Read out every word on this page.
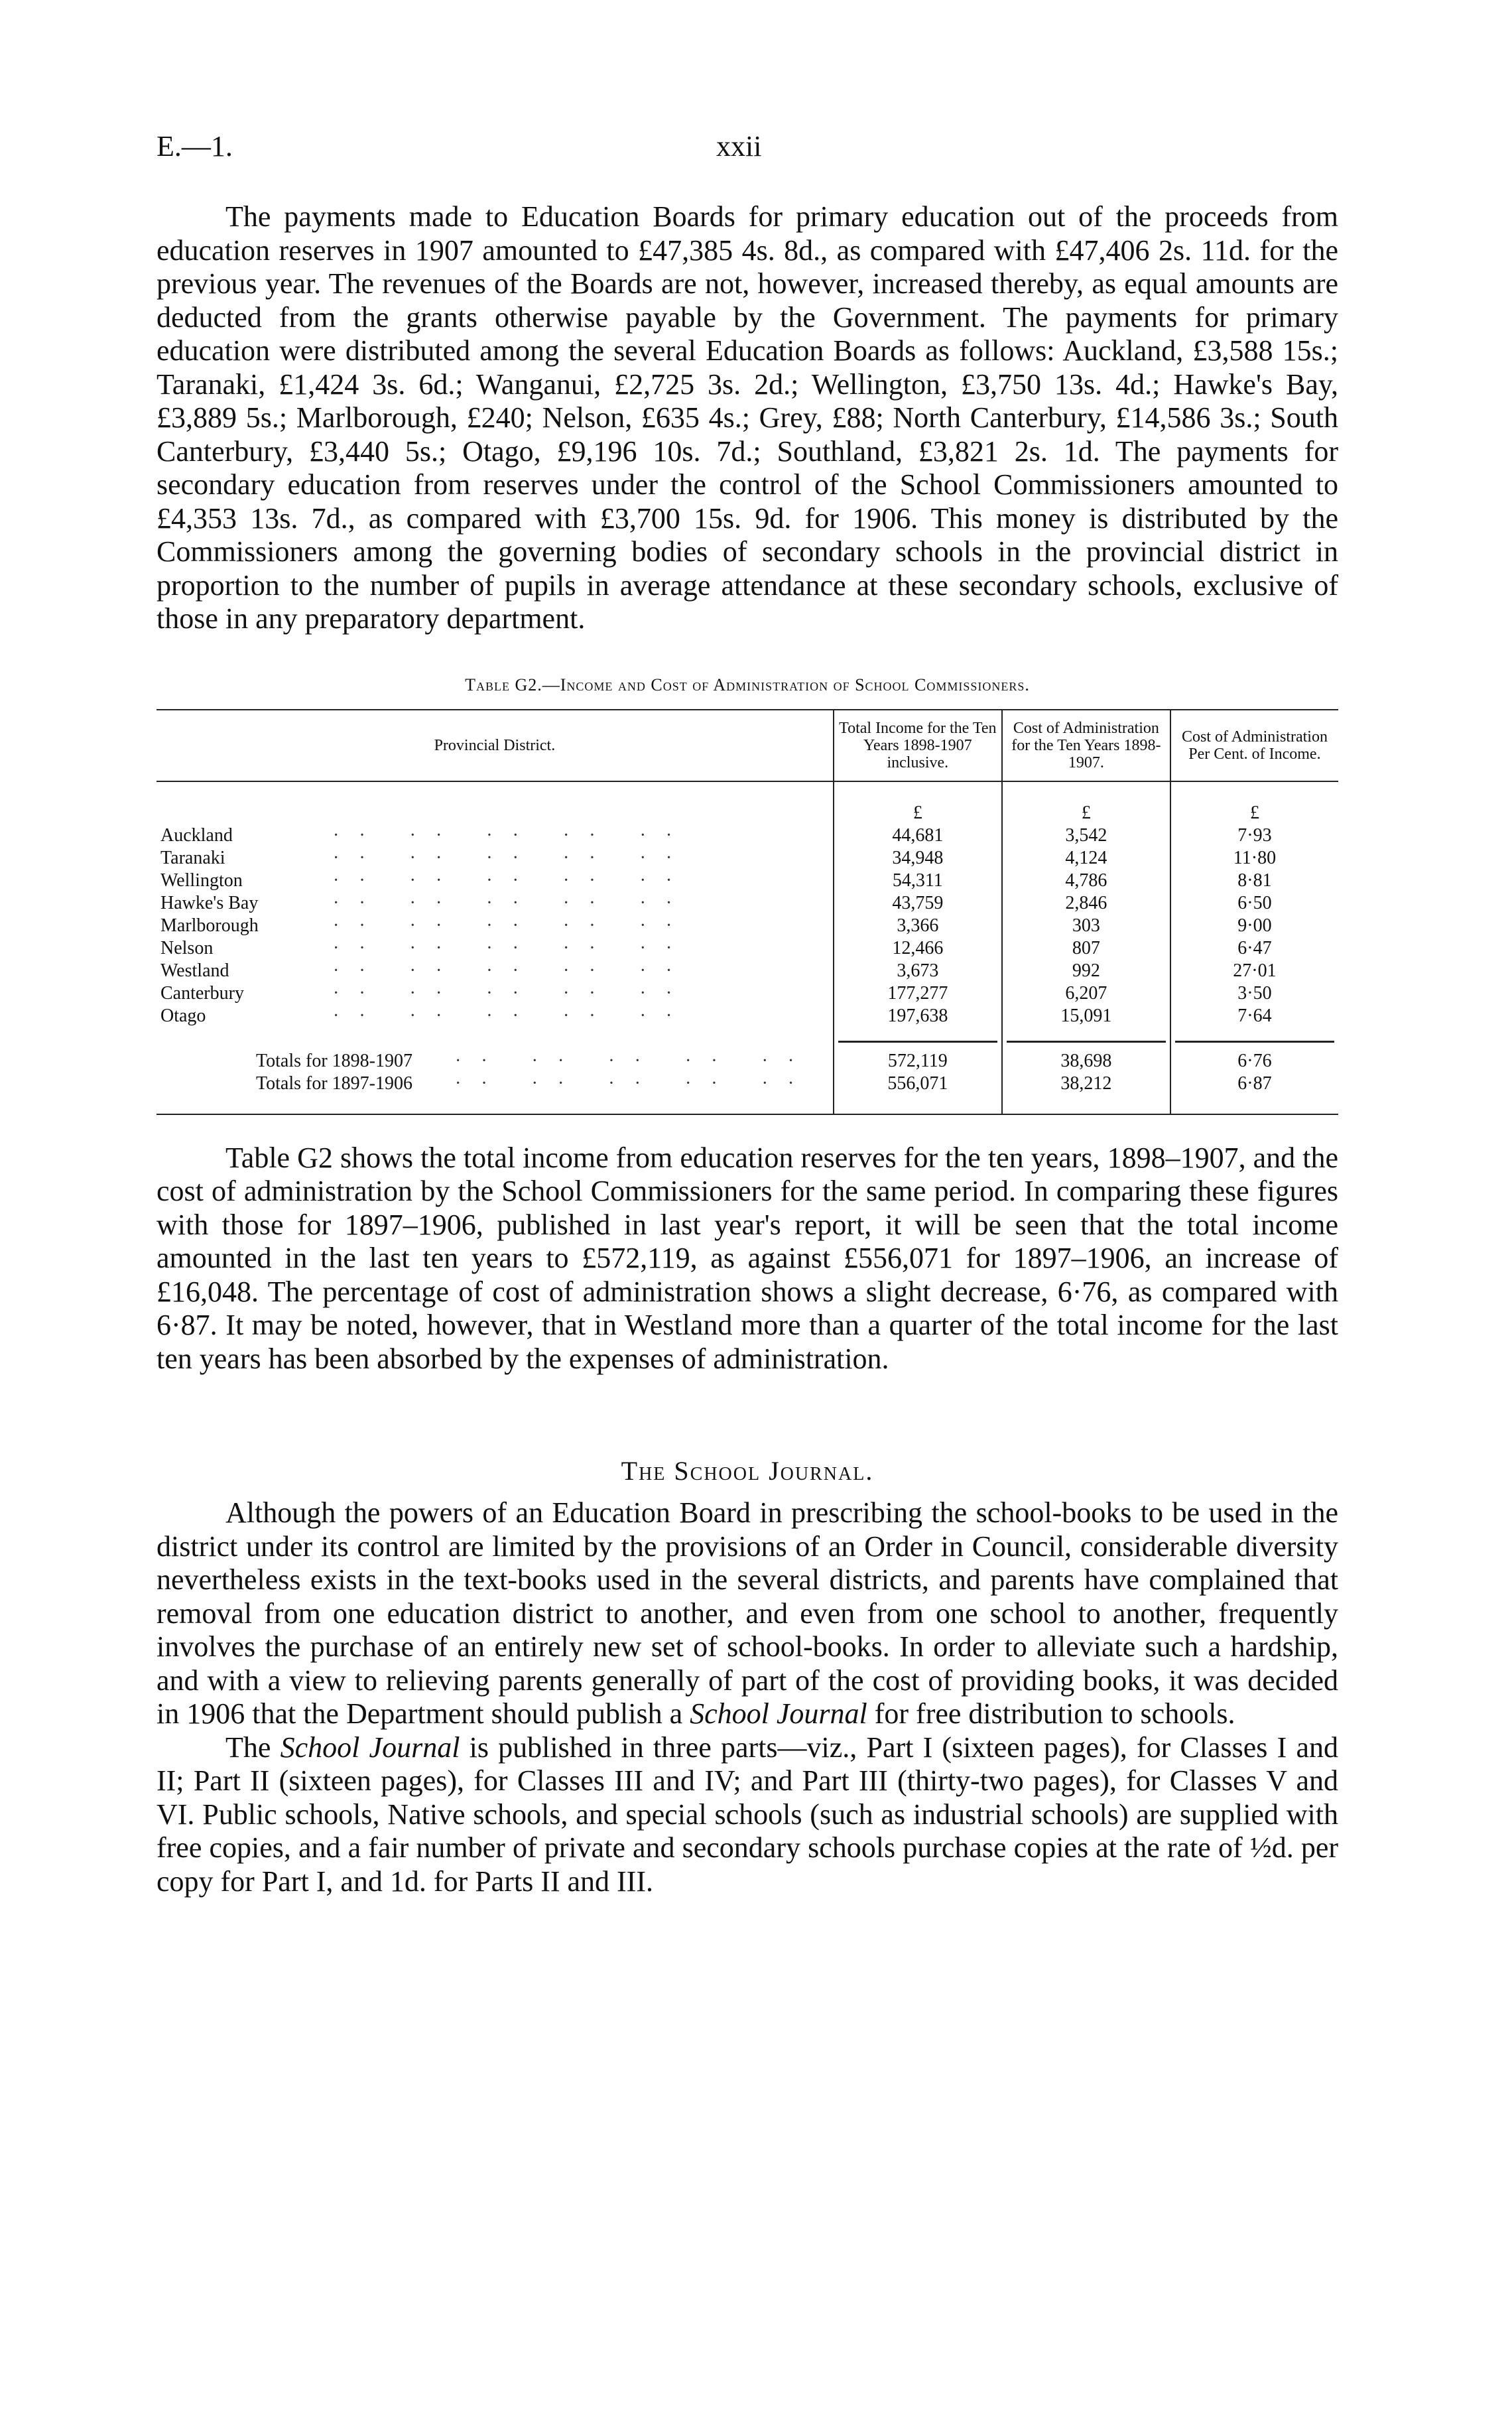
E.—1.	xxii

The payments made to Education Boards for primary education out of the proceeds from education reserves in 1907 amounted to £47,385 4s. 8d., as compared with £47,406 2s. 11d. for the previous year. The revenues of the Boards are not, however, increased thereby, as equal amounts are deducted from the grants otherwise payable by the Government. The payments for primary education were distributed among the several Education Boards as follows: Auckland, £3,588 15s.; Taranaki, £1,424 3s. 6d.; Wanganui, £2,725 3s. 2d.; Wellington, £3,750 13s. 4d.; Hawke's Bay, £3,889 5s.; Marlborough, £240; Nelson, £635 4s.; Grey, £88; North Canterbury, £14,586 3s.; South Canterbury, £3,440 5s.; Otago, £9,196 10s. 7d.; Southland, £3,821 2s. 1d. The payments for secondary education from reserves under the control of the School Commissioners amounted to £4,353 13s. 7d., as compared with £3,700 15s. 9d. for 1906. This money is distributed by the Commissioners among the governing bodies of secondary schools in the provincial district in proportion to the number of pupils in average attendance at these secondary schools, exclusive of those in any preparatory department.

Table G2.—Income and Cost of Administration of School Commissioners.
Provincial District.	Total Income for the Ten Years 1898-1907 inclusive.	Cost of Administration for the Ten Years 1898-1907.	Cost of Administration Per Cent. of Income.
	£	£	£
Auckland ·· ·· ·· ·· ··	44,681	3,542	7·93
Taranaki ·· ·· ·· ·· ··	34,948	4,124	11·80
Wellington ·· ·· ·· ·· ··	54,311	4,786	8·81
Hawke's Bay ·· ·· ·· ·· ··	43,759	2,846	6·50
Marlborough ·· ·· ·· ·· ··	3,366	303	9·00
Nelson ·· ·· ·· ·· ··	12,466	807	6·47
Westland ·· ·· ·· ·· ··	3,673	992	27·01
Canterbury ·· ·· ·· ·· ··	177,277	6,207	3·50
Otago ·· ·· ·· ·· ··	197,638	15,091	7·64

Totals for 1898-1907 ·· ·· ·· ·· ··	572,119	38,698	6·76
Totals for 1897-1906 ·· ·· ·· ·· ··	556,071	38,212	6·87

Table G2 shows the total income from education reserves for the ten years, 1898–1907, and the cost of administration by the School Commissioners for the same period. In comparing these figures with those for 1897–1906, published in last year's report, it will be seen that the total income amounted in the last ten years to £572,119, as against £556,071 for 1897–1906, an increase of £16,048. The percentage of cost of administration shows a slight decrease, 6·76, as compared with 6·87. It may be noted, however, that in Westland more than a quarter of the total income for the last ten years has been absorbed by the expenses of administration.

The School Journal.

Although the powers of an Education Board in prescribing the school-books to be used in the district under its control are limited by the provisions of an Order in Council, considerable diversity nevertheless exists in the text-books used in the several districts, and parents have complained that removal from one education district to another, and even from one school to another, frequently involves the purchase of an entirely new set of school-books. In order to alleviate such a hardship, and with a view to relieving parents generally of part of the cost of providing books, it was decided in 1906 that the Department should publish a School Journal for free distribution to schools.

The School Journal is published in three parts—viz., Part I (sixteen pages), for Classes I and II; Part II (sixteen pages), for Classes III and IV; and Part III (thirty-two pages), for Classes V and VI. Public schools, Native schools, and special schools (such as industrial schools) are supplied with free copies, and a fair number of private and secondary schools purchase copies at the rate of ½d. per copy for Part I, and 1d. for Parts II and III.
